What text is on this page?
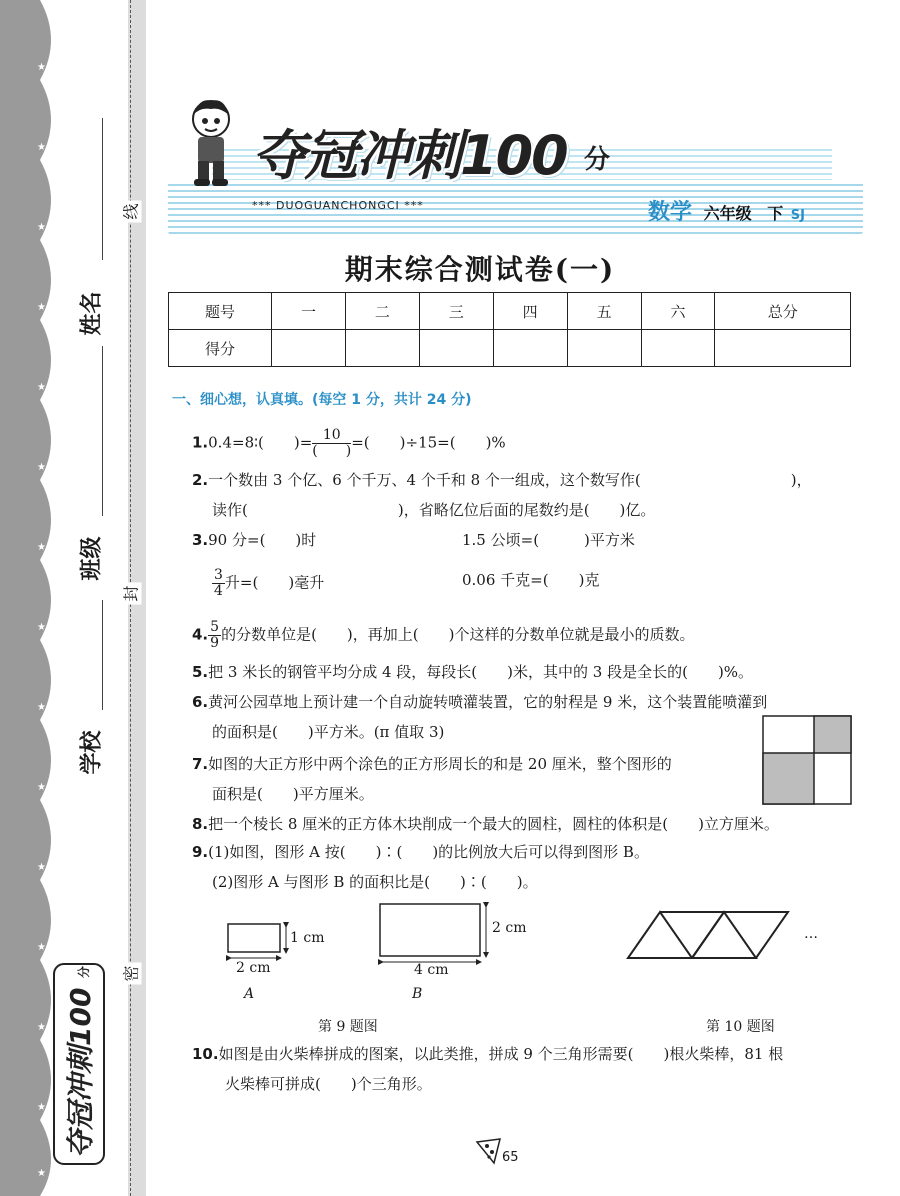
★
★
★
★
★
★
★
★
★
★
★
★
★
★
★
线
封
密
姓名
班级
学校
夺冠冲刺100
分
夺冠冲刺100 分
*** DUOGUANCHONGCI ***	数学 六年级 下 SJ
期末综合测试卷(一)
题号	一	二	三	四	五	六	总分
得分							
一、细心想，认真填。(每空 1 分，共计 24 分)
1.0.4=8∶(　　)= $\frac{10}{( )}$ =(　　)÷15=(　　)%
2.一个数由 3 个亿、6 个千万、4 个千和 8 个一组成，这个数写作(　　　　　　　　　　)，
读作(　　　　　　　　　　)，省略亿位后面的尾数约是(　　)亿。
3.90 分=(　　)时	1.5 公顷=(　　　)平方米
$\frac{3}{4}$ 升=(　　)毫升	0.06 千克=(　　)克
4. $\frac{5}{9}$ 的分数单位是(　　)，再加上(　　)个这样的分数单位就是最小的质数。
5.把 3 米长的钢管平均分成 4 段，每段长(　　)米，其中的 3 段是全长的(　　)%。
6.黄河公园草地上预计建一个自动旋转喷灌装置，它的射程是 9 米，这个装置能喷灌到
的面积是(　　)平方米。(π 值取 3)
7.如图的大正方形中两个涂色的正方形周长的和是 20 厘米，整个图形的
面积是(　　)平方厘米。
8.把一个棱长 8 厘米的正方体木块削成一个最大的圆柱，圆柱的体积是(　　)立方厘米。
9.(1)如图，图形 A 按(　　)∶(　　)的比例放大后可以得到图形 B。
(2)图形 A 与图形 B 的面积比是(　　)∶(　　)。
1 cm
2 cm
A
2 cm
4 cm
B
…
第 9 题图	第 10 题图
10.如图是由火柴棒拼成的图案，以此类推，拼成 9 个三角形需要(　　)根火柴棒，81 根
火柴棒可拼成(　　)个三角形。
65
